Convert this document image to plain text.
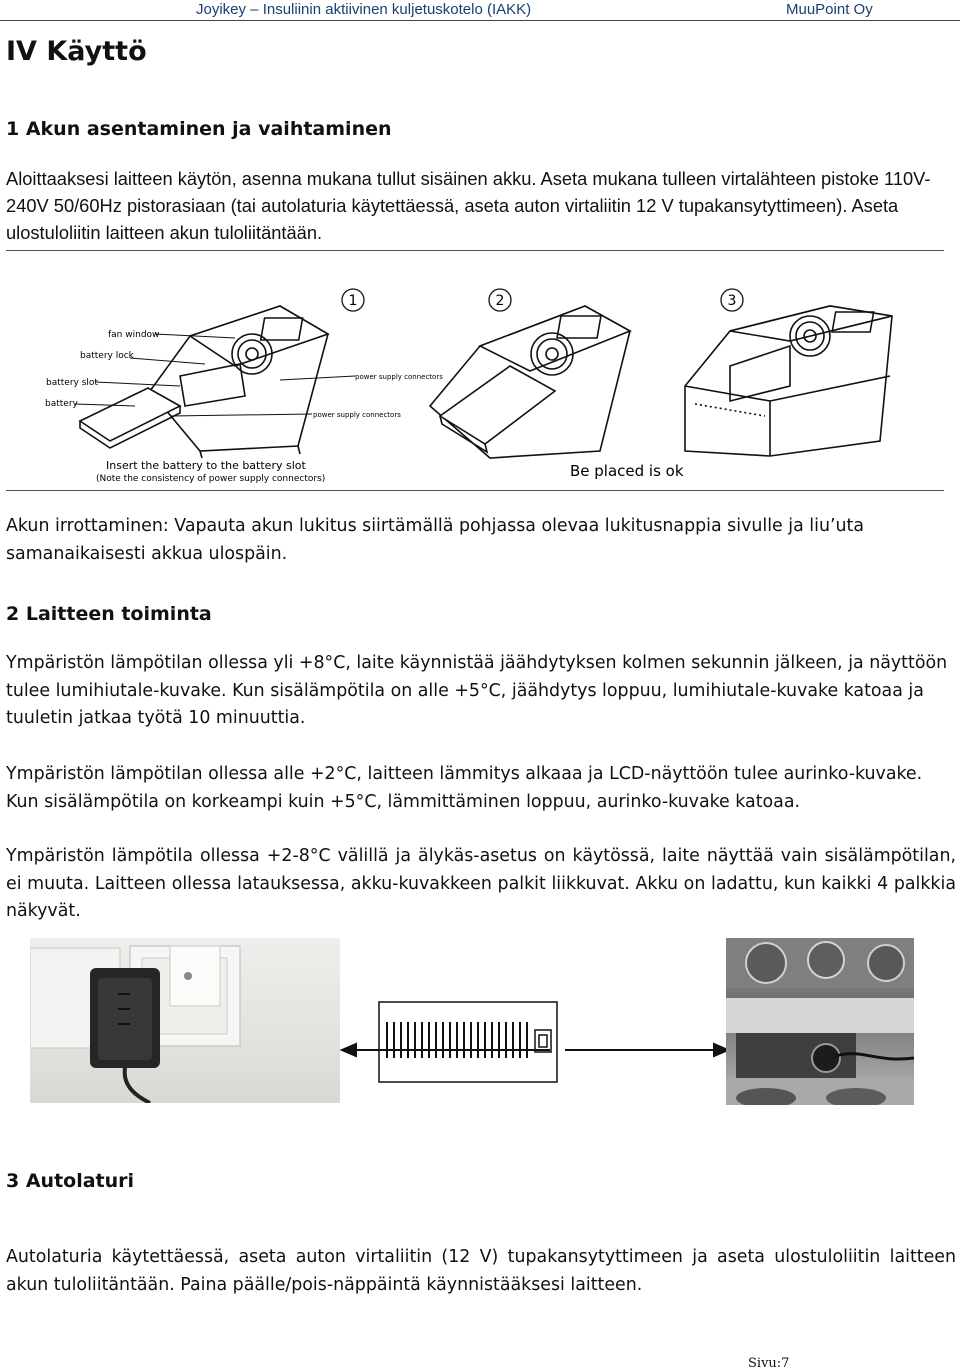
Joyikey – Insuliinin aktiivinen kuljetuskotelo (IAKK)	MuuPoint Oy
IV Käyttö
1 Akun asentaminen ja vaihtaminen
Aloittaaksesi laitteen käytön, asenna mukana tullut sisäinen akku. Aseta mukana tulleen virtalähteen pistoke 110V-240V 50/60Hz pistorasiaan (tai autolaturia käytettäessä, aseta auton virtaliitin 12 V tupakansytyttimeen). Aseta ulostuloliitin laitteen akun tuloliitäntään.
1	2	3
fan window
battery lock
battery slot
battery
power supply connectors
power supply connectors
Insert the battery to the battery slot
(Note the consistency of power supply connectors)	Be placed is ok
Akun irrottaminen: Vapauta akun lukitus siirtämällä pohjassa olevaa lukitusnappia sivulle ja liu’uta samanaikaisesti akkua ulospäin.
2 Laitteen toiminta
Ympäristön lämpötilan ollessa yli +8°C, laite käynnistää jäähdytyksen kolmen sekunnin jälkeen, ja näyttöön tulee lumihiutale-kuvake. Kun sisälämpötila on alle +5°C, jäähdytys loppuu, lumihiutale-kuvake katoaa ja tuuletin jatkaa työtä 10 minuuttia.
Ympäristön lämpötilan ollessa alle +2°C, laitteen lämmitys alkaaa ja LCD-näyttöön tulee aurinko-kuvake. Kun sisälämpötila on korkeampi kuin +5°C, lämmittäminen loppuu, aurinko-kuvake katoaa.
Ympäristön lämpötila ollessa +2-8°C välillä ja älykäs-asetus on käytössä, laite näyttää vain sisälämpötilan, ei muuta. Laitteen ollessa latauksessa, akku-kuvakkeen palkit liikkuvat. Akku on ladattu, kun kaikki 4 palkkia näkyvät.
3 Autolaturi
Autolaturia käytettäessä, aseta auton virtaliitin (12 V) tupakansytyttimeen ja aseta ulostuloliitin laitteen akun tuloliitäntään. Paina päälle/pois-näppäintä käynnistääksesi laitteen.
Sivu:7
